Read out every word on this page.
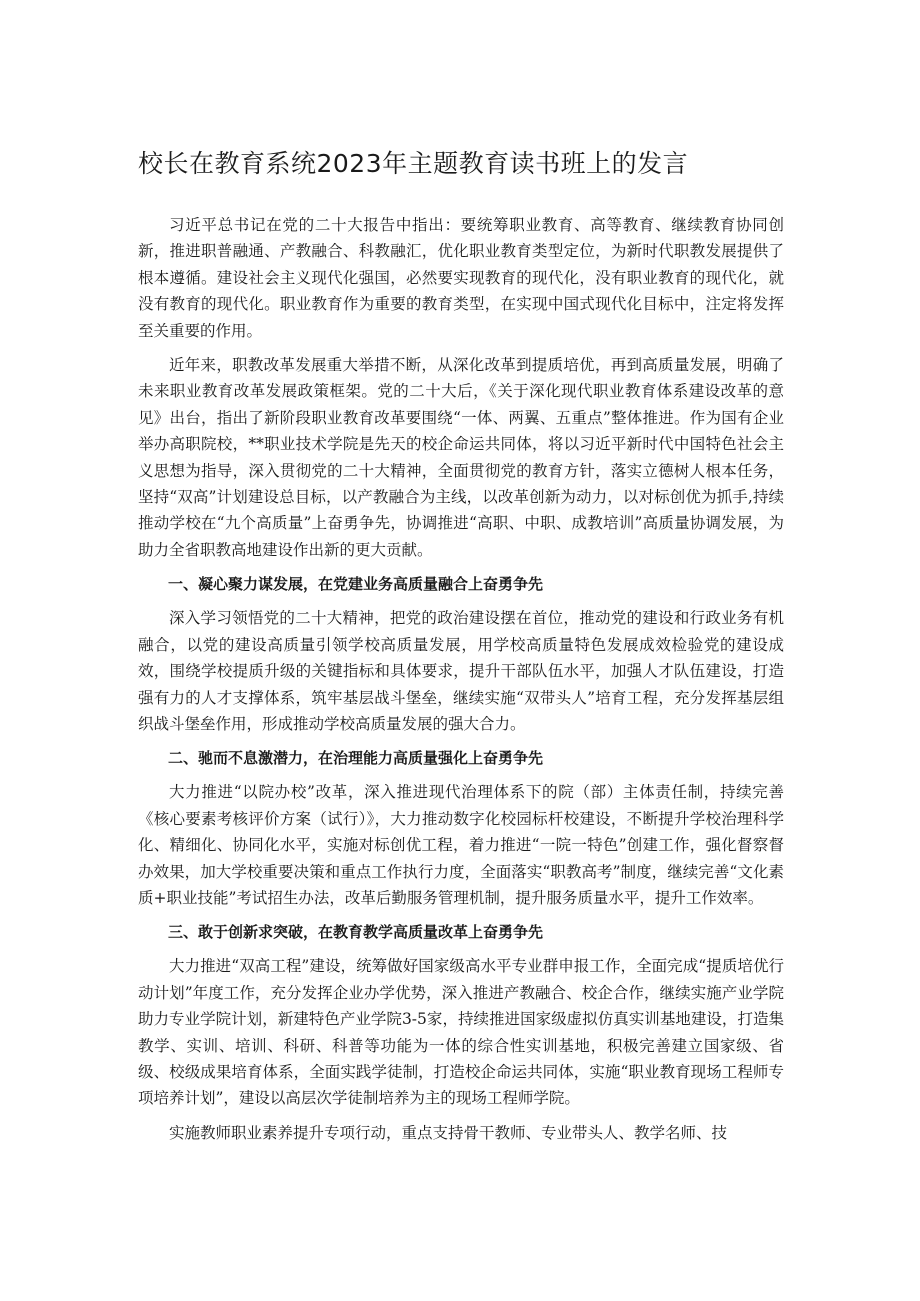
校长在教育系统2023年主题教育读书班上的发言

习近平总书记在党的二十大报告中指出：要统筹职业教育、高等教育、继续教育协同创新，推进职普融通、产教融合、科教融汇，优化职业教育类型定位，为新时代职教发展提供了根本遵循。建设社会主义现代化强国，必然要实现教育的现代化，没有职业教育的现代化，就没有教育的现代化。职业教育作为重要的教育类型，在实现中国式现代化目标中，注定将发挥至关重要的作用。

近年来，职教改革发展重大举措不断，从深化改革到提质培优，再到高质量发展，明确了未来职业教育改革发展政策框架。党的二十大后，《关于深化现代职业教育体系建设改革的意见》出台，指出了新阶段职业教育改革要围绕“一体、两翼、五重点”整体推进。作为国有企业举办高职院校，**职业技术学院是先天的校企命运共同体，将以习近平新时代中国特色社会主义思想为指导，深入贯彻党的二十大精神，全面贯彻党的教育方针，落实立德树人根本任务，坚持“双高”计划建设总目标，以产教融合为主线，以改革创新为动力，以对标创优为抓手,持续推动学校在“九个高质量”上奋勇争先，协调推进“高职、中职、成教培训”高质量协调发展，为助力全省职教高地建设作出新的更大贡献。

一、凝心聚力谋发展，在党建业务高质量融合上奋勇争先

深入学习领悟党的二十大精神，把党的政治建设摆在首位，推动党的建设和行政业务有机融合，以党的建设高质量引领学校高质量发展，用学校高质量特色发展成效检验党的建设成效，围绕学校提质升级的关键指标和具体要求，提升干部队伍水平，加强人才队伍建设，打造强有力的人才支撑体系，筑牢基层战斗堡垒，继续实施“双带头人”培育工程，充分发挥基层组织战斗堡垒作用，形成推动学校高质量发展的强大合力。

二、驰而不息激潜力，在治理能力高质量强化上奋勇争先

大力推进“以院办校”改革，深入推进现代治理体系下的院（部）主体责任制，持续完善《核心要素考核评价方案（试行）》，大力推动数字化校园标杆校建设，不断提升学校治理科学化、精细化、协同化水平，实施对标创优工程，着力推进“一院一特色”创建工作，强化督察督办效果，加大学校重要决策和重点工作执行力度，全面落实“职教高考”制度，继续完善“文化素质+职业技能”考试招生办法，改革后勤服务管理机制，提升服务质量水平，提升工作效率。

三、敢于创新求突破，在教育教学高质量改革上奋勇争先

大力推进“双高工程”建设，统筹做好国家级高水平专业群申报工作，全面完成“提质培优行动计划”年度工作，充分发挥企业办学优势，深入推进产教融合、校企合作，继续实施产业学院助力专业学院计划，新建特色产业学院3-5家，持续推进国家级虚拟仿真实训基地建设，打造集教学、实训、培训、科研、科普等功能为一体的综合性实训基地，积极完善建立国家级、省级、校级成果培育体系，全面实践学徒制，打造校企命运共同体，实施“职业教育现场工程师专项培养计划”，建设以高层次学徒制培养为主的现场工程师学院。

实施教师职业素养提升专项行动，重点支持骨干教师、专业带头人、教学名师、技
